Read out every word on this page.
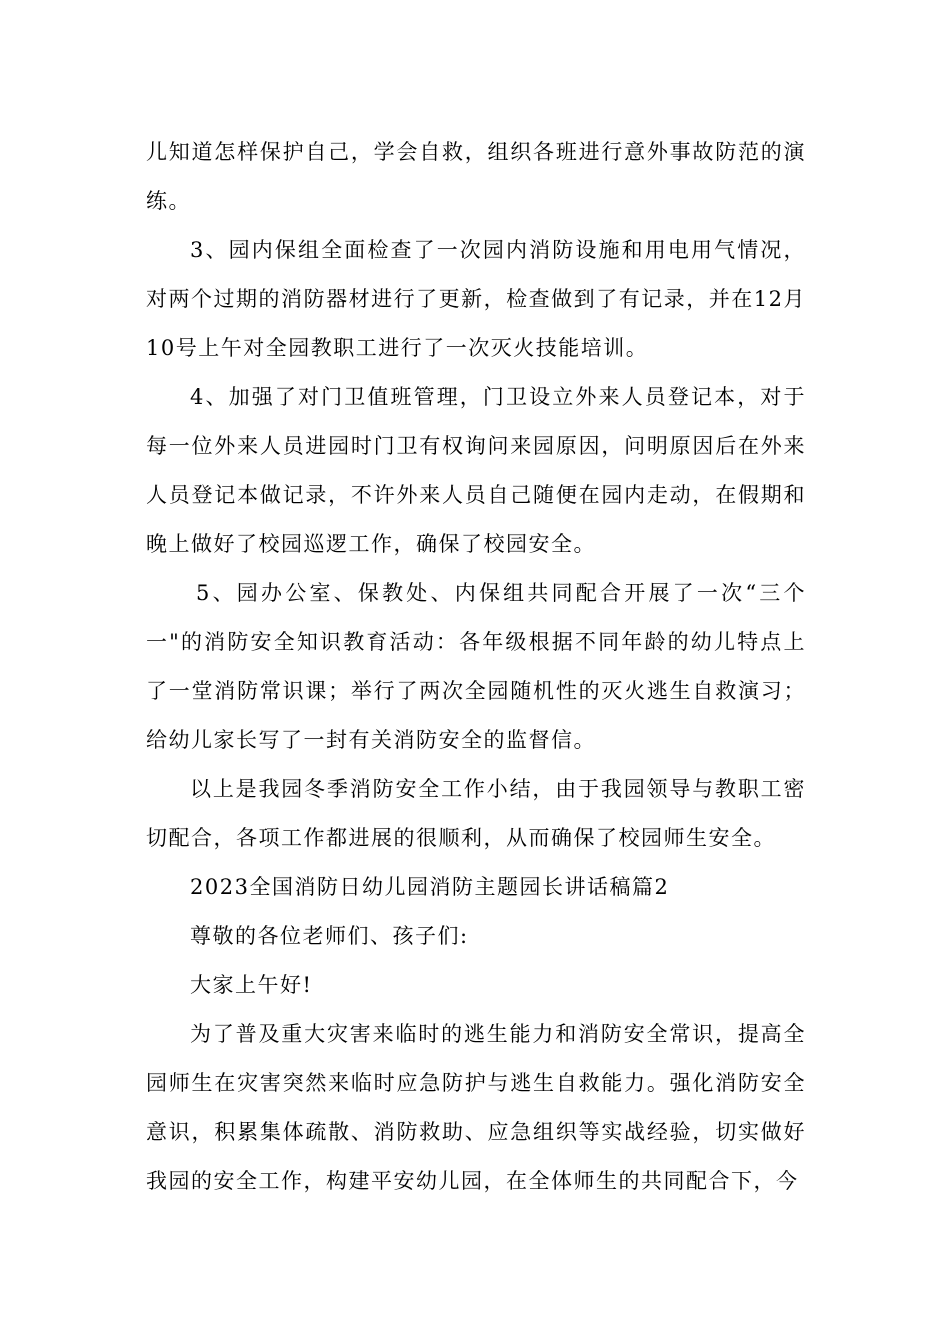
儿知道怎样保护自己，学会自救，组织各班进行意外事故防范的演练。

3、园内保组全面检查了一次园内消防设施和用电用气情况，对两个过期的消防器材进行了更新，检查做到了有记录，并在12月10号上午对全园教职工进行了一次灭火技能培训。

4、加强了对门卫值班管理，门卫设立外来人员登记本，对于每一位外来人员进园时门卫有权询问来园原因，问明原因后在外来人员登记本做记录，不许外来人员自己随便在园内走动，在假期和晚上做好了校园巡逻工作，确保了校园安全。

5、园办公室、保教处、内保组共同配合开展了一次“三个一"的消防安全知识教育活动：各年级根据不同年龄的幼儿特点上了一堂消防常识课；举行了两次全园随机性的灭火逃生自救演习；给幼儿家长写了一封有关消防安全的监督信。

以上是我园冬季消防安全工作小结，由于我园领导与教职工密切配合，各项工作都进展的很顺利，从而确保了校园师生安全。

2023全国消防日幼儿园消防主题园长讲话稿篇2

尊敬的各位老师们、孩子们:

大家上午好!

为了普及重大灾害来临时的逃生能力和消防安全常识，提高全园师生在灾害突然来临时应急防护与逃生自救能力。强化消防安全意识，积累集体疏散、消防救助、应急组织等实战经验，切实做好我园的安全工作，构建平安幼儿园，在全体师生的共同配合下，今
